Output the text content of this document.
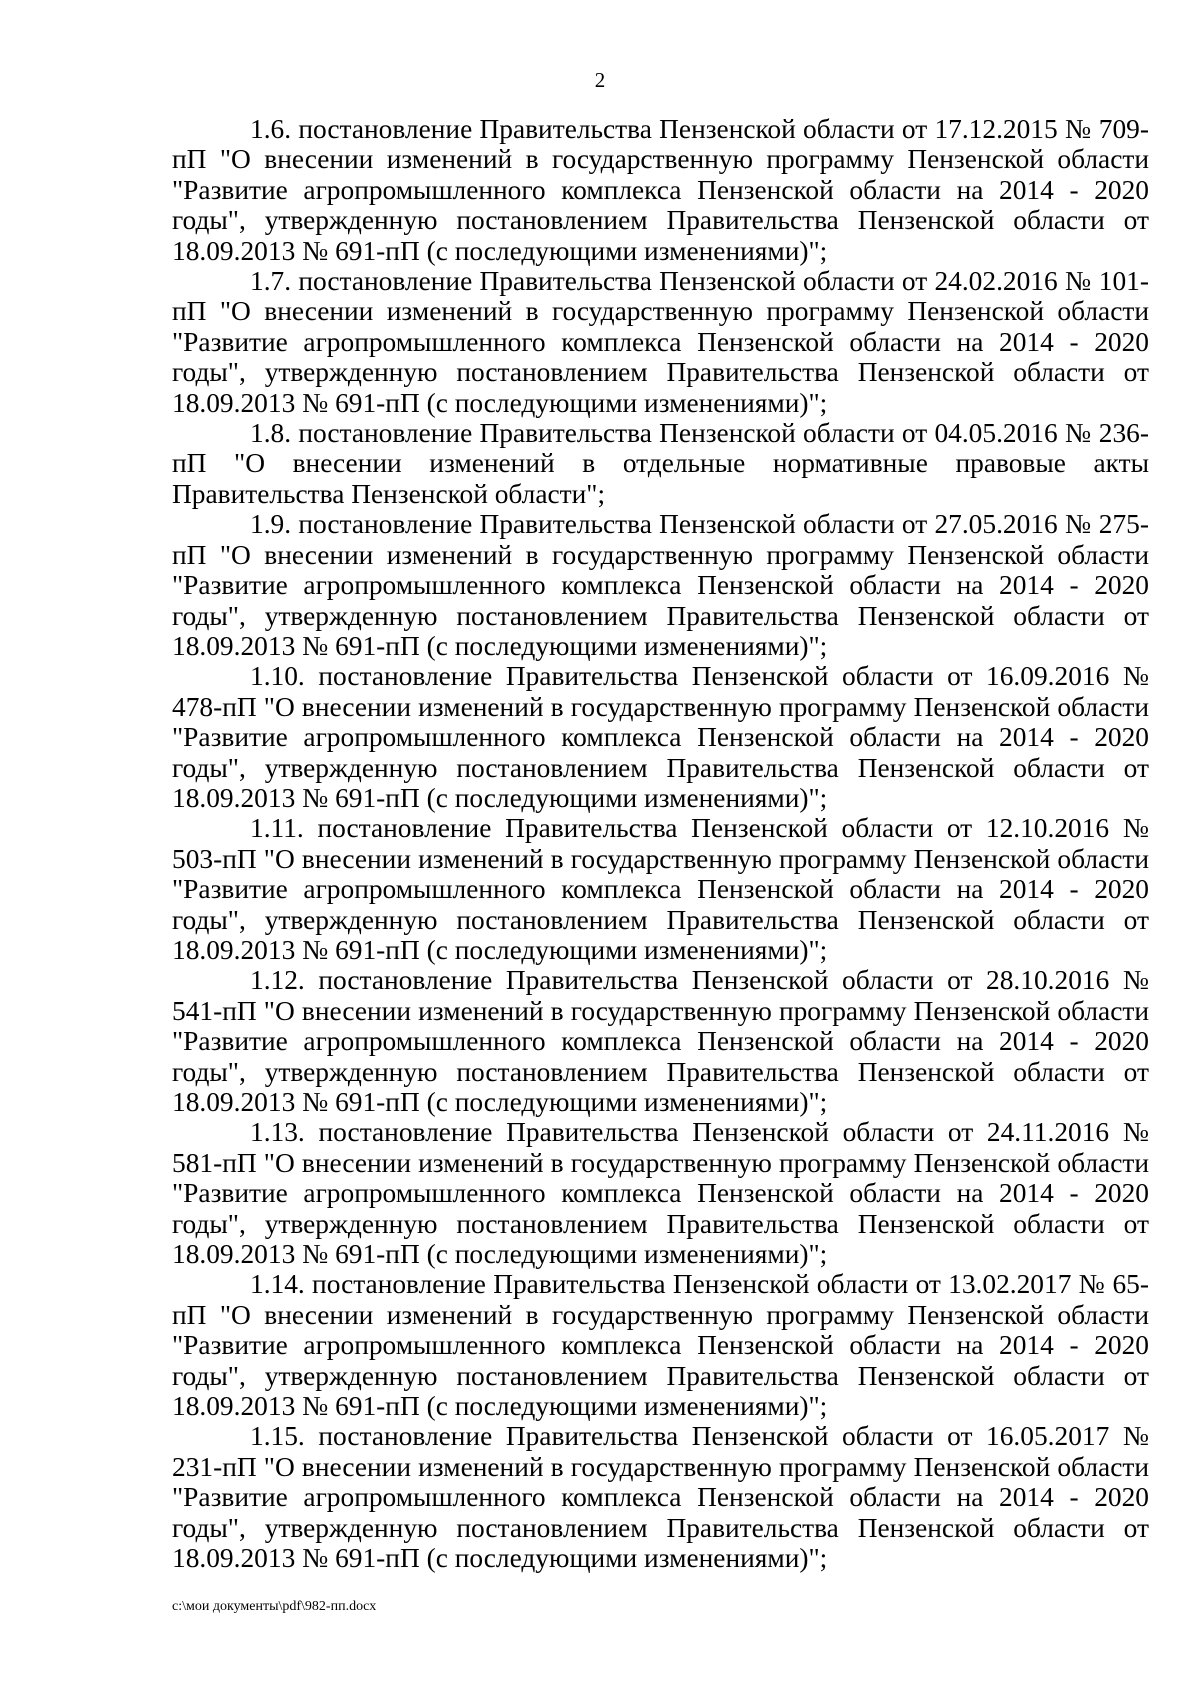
2

1.6. постановление Правительства Пензенской области от 17.12.2015 № 709-пП "О внесении изменений в государственную программу Пензенской области "Развитие агропромышленного комплекса Пензенской области на 2014 - 2020 годы", утвержденную постановлением Правительства Пензенской области от 18.09.2013 № 691-пП (с последующими изменениями)";

1.7. постановление Правительства Пензенской области от 24.02.2016 № 101-пП "О внесении изменений в государственную программу Пензенской области "Развитие агропромышленного комплекса Пензенской области на 2014 - 2020 годы", утвержденную постановлением Правительства Пензенской области от 18.09.2013 № 691-пП (с последующими изменениями)";

1.8. постановление Правительства Пензенской области от 04.05.2016 № 236-пП "О внесении изменений в отдельные нормативные правовые акты Правительства Пензенской области";

1.9. постановление Правительства Пензенской области от 27.05.2016 № 275-пП "О внесении изменений в государственную программу Пензенской области "Развитие агропромышленного комплекса Пензенской области на 2014 - 2020 годы", утвержденную постановлением Правительства Пензенской области от 18.09.2013 № 691-пП (с последующими изменениями)";

1.10. постановление Правительства Пензенской области от 16.09.2016 № 478-пП "О внесении изменений в государственную программу Пензенской области "Развитие агропромышленного комплекса Пензенской области на 2014 - 2020 годы", утвержденную постановлением Правительства Пензенской области от 18.09.2013 № 691-пП (с последующими изменениями)";

1.11. постановление Правительства Пензенской области от 12.10.2016 № 503-пП "О внесении изменений в государственную программу Пензенской области "Развитие агропромышленного комплекса Пензенской области на 2014 - 2020 годы", утвержденную постановлением Правительства Пензенской области от 18.09.2013 № 691-пП (с последующими изменениями)";

1.12. постановление Правительства Пензенской области от 28.10.2016 № 541-пП "О внесении изменений в государственную программу Пензенской области "Развитие агропромышленного комплекса Пензенской области на 2014 - 2020 годы", утвержденную постановлением Правительства Пензенской области от 18.09.2013 № 691-пП (с последующими изменениями)";

1.13. постановление Правительства Пензенской области от 24.11.2016 № 581-пП "О внесении изменений в государственную программу Пензенской области "Развитие агропромышленного комплекса Пензенской области на 2014 - 2020 годы", утвержденную постановлением Правительства Пензенской области от 18.09.2013 № 691-пП (с последующими изменениями)";

1.14. постановление Правительства Пензенской области от 13.02.2017 № 65-пП "О внесении изменений в государственную программу Пензенской области "Развитие агропромышленного комплекса Пензенской области на 2014 - 2020 годы", утвержденную постановлением Правительства Пензенской области от 18.09.2013 № 691-пП (с последующими изменениями)";

1.15. постановление Правительства Пензенской области от 16.05.2017 № 231-пП "О внесении изменений в государственную программу Пензенской области "Развитие агропромышленного комплекса Пензенской области на 2014 - 2020 годы", утвержденную постановлением Правительства Пензенской области от 18.09.2013 № 691-пП (с последующими изменениями)";

c:\мои документы\pdf\982-пп.docx
